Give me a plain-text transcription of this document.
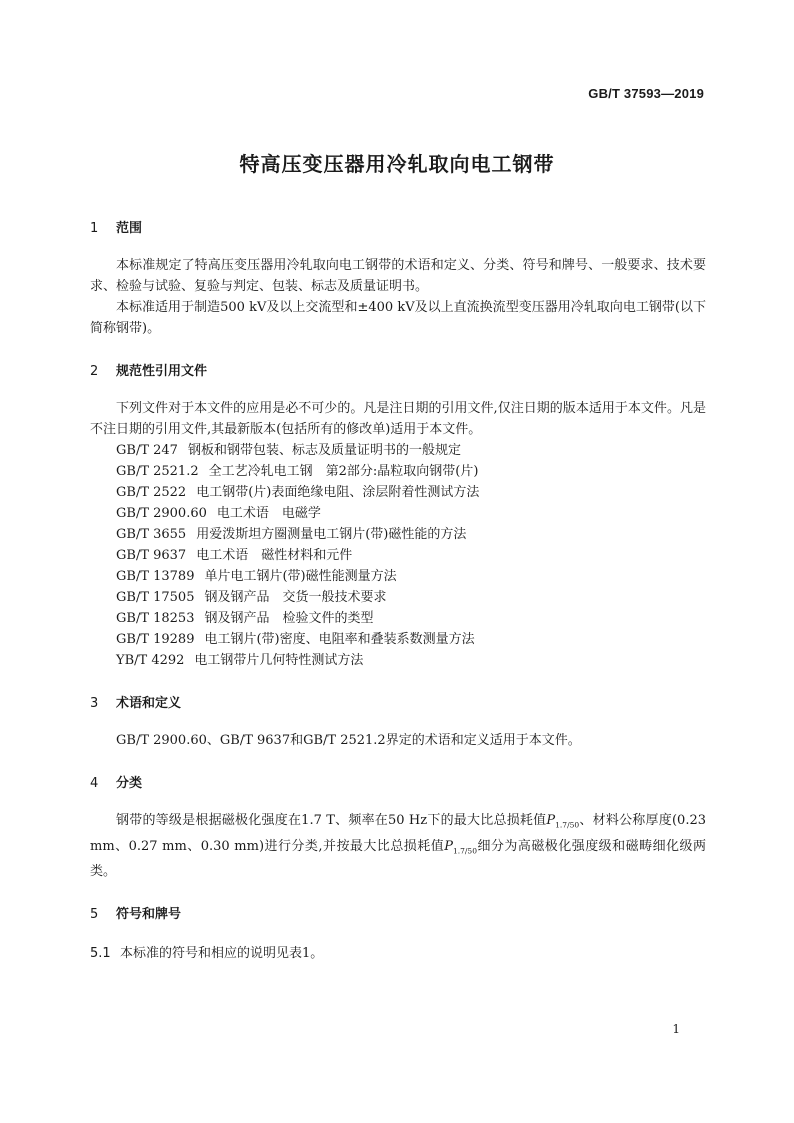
GB/T 37593—2019
特高压变压器用冷轧取向电工钢带
1 范围

本标准规定了特高压变压器用冷轧取向电工钢带的术语和定义、分类、符号和牌号、一般要求、技术要求、检验与试验、复验与判定、包装、标志及质量证明书。

本标准适用于制造500 kV及以上交流型和±400 kV及以上直流换流型变压器用冷轧取向电工钢带(以下简称钢带)。

2 规范性引用文件

下列文件对于本文件的应用是必不可少的。凡是注日期的引用文件,仅注日期的版本适用于本文件。凡是不注日期的引用文件,其最新版本(包括所有的修改单)适用于本文件。

GB/T 247 钢板和钢带包装、标志及质量证明书的一般规定
GB/T 2521.2 全工艺冷轧电工钢　第2部分:晶粒取向钢带(片)
GB/T 2522 电工钢带(片)表面绝缘电阻、涂层附着性测试方法
GB/T 2900.60 电工术语　电磁学
GB/T 3655 用爱泼斯坦方圈测量电工钢片(带)磁性能的方法
GB/T 9637 电工术语　磁性材料和元件
GB/T 13789 单片电工钢片(带)磁性能测量方法
GB/T 17505 钢及钢产品　交货一般技术要求
GB/T 18253 钢及钢产品　检验文件的类型
GB/T 19289 电工钢片(带)密度、电阻率和叠装系数测量方法
YB/T 4292 电工钢带片几何特性测试方法
3 术语和定义

GB/T 2900.60、GB/T 9637和GB/T 2521.2界定的术语和定义适用于本文件。

4 分类

钢带的等级是根据磁极化强度在1.7 T、频率在50 Hz下的最大比总损耗值$P_{1.7/50}$、材料公称厚度(0.23 mm、0.27 mm、0.30 mm)进行分类,并按最大比总损耗值$P_{1.7/50}$细分为高磁极化强度级和磁畴细化级两类。

5 符号和牌号
5.1 本标准的符号和相应的说明见表1。
1
